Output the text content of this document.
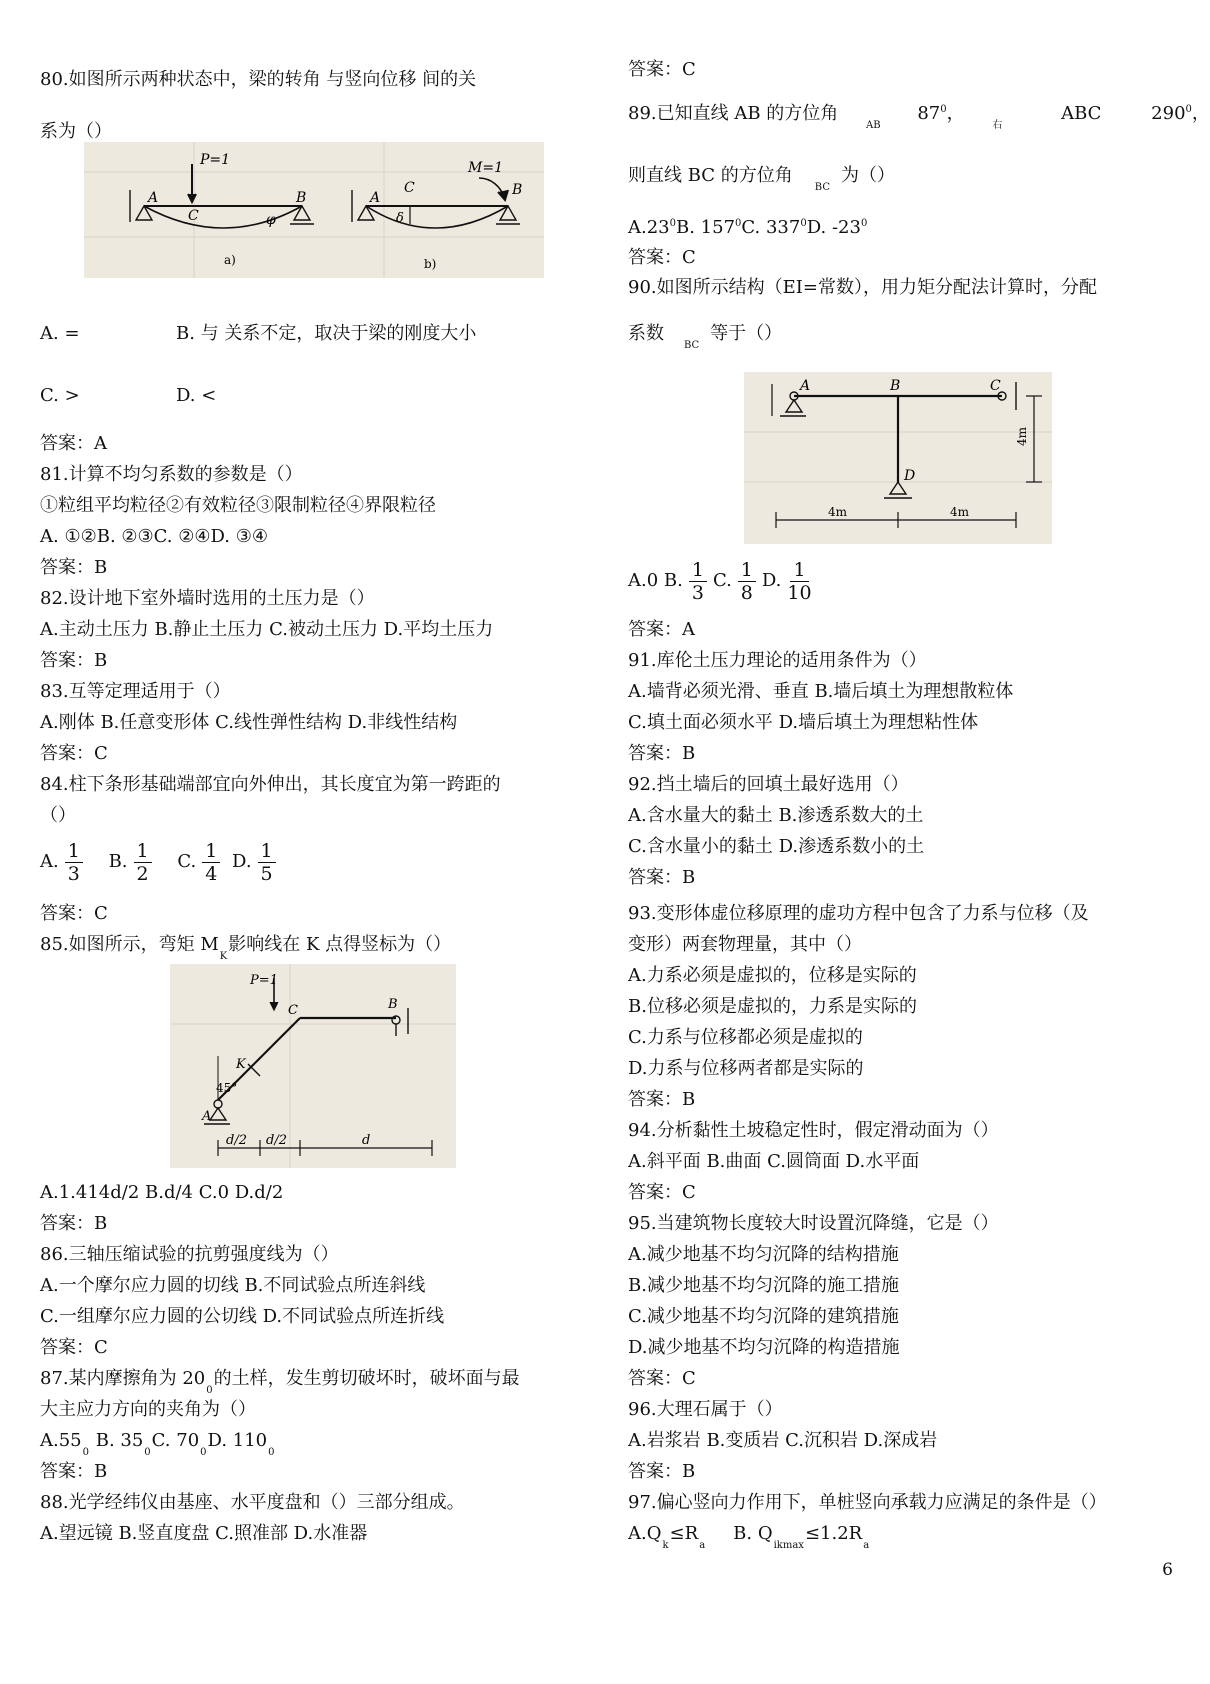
80.如图所示两种状态中，梁的转角 与竖向位移 间的关
系为（）
P=1
A
C
B
φ
a)
M=1
A
C	B
δ
b)
A. =	B. 与 关系不定，取决于梁的刚度大小
C. >	D. <
答案：A
81.计算不均匀系数的参数是（）
①粒组平均粒径②有效粒径③限制粒径④界限粒径
A. ①②B. ②③C. ②④D. ③④
答案：B
82.设计地下室外墙时选用的土压力是（）
A.主动土压力 B.静止土压力 C.被动土压力 D.平均土压力
答案：B
83.互等定理适用于（）
A.刚体 B.任意变形体 C.线性弹性结构 D.非线性结构
答案：C
84.柱下条形基础端部宜向外伸出，其长度宜为第一跨距的
（）
A. $\frac{1}{3} B$. $\frac{1}{2} C$. $\frac{1}{4} D$. $\frac{1}{5}$
答案：C
85.如图所示，弯矩 $M_K$影响线在 K 点得竖标为（）
P=1
C	B
K
45°
A
d/2 d/2	d
A.1.414d/2 B.d/4 C.0 D.d/2
答案：B
86.三轴压缩试验的抗剪强度线为（）
A.一个摩尔应力圆的切线 B.不同试验点所连斜线
C.一组摩尔应力圆的公切线 D.不同试验点所连折线
答案：C
87.某内摩擦角为 $20_0$的土样，发生剪切破坏时，破坏面与最
大主应力方向的夹角为（）
$A.55_0$ B. $35_0C$. $70_0D$. $110_0$
答案：B
88.光学经纬仪由基座、水平度盘和（）三部分组成。
A.望远镜 B.竖直度盘 C.照准部 D.水准器
答案：C
89.已知直线 AB 的方位角 $_{AB}$ $87^0$， $_右$ ABC	$290^0$，
则直线 BC 的方位角$_{BC}$为（）
$A.23^0B$. $157^0C$. $337^0D$. $-23^0$
答案：C
90.如图所示结构（EI=常数），用力矩分配法计算时，分配
系数$_{BC}$等于（）
A	B	C
D
4m	4m
4m
A.0 B. $\frac{1}{3} C$. $\frac{1}{8} D$. $\frac{1}{10}$
答案：A
91.库伦土压力理论的适用条件为（）
A.墙背必须光滑、垂直 B.墙后填土为理想散粒体
C.填土面必须水平 D.墙后填土为理想粘性体
答案：B
92.挡土墙后的回填土最好选用（）
A.含水量大的黏土 B.渗透系数大的土
C.含水量小的黏土 D.渗透系数小的土
答案：B
93.变形体虚位移原理的虚功方程中包含了力系与位移（及
变形）两套物理量，其中（）
A.力系必须是虚拟的，位移是实际的
B.位移必须是虚拟的，力系是实际的
C.力系与位移都必须是虚拟的
D.力系与位移两者都是实际的
答案：B
94.分析黏性土坡稳定性时，假定滑动面为（）
A.斜平面 B.曲面 C.圆筒面 D.水平面
答案：C
95.当建筑物长度较大时设置沉降缝，它是（）
A.减少地基不均匀沉降的结构措施
B.减少地基不均匀沉降的施工措施
C.减少地基不均匀沉降的建筑措施
D.减少地基不均匀沉降的构造措施
答案：C
96.大理石属于（）
A.岩浆岩 B.变质岩 C.沉积岩 D.深成岩
答案：B
97.偏心竖向力作用下，单桩竖向承载力应满足的条件是（）
$A.Q_k\le R_aB$. $Q_{ikmax}\le 1.2R_a$
6
